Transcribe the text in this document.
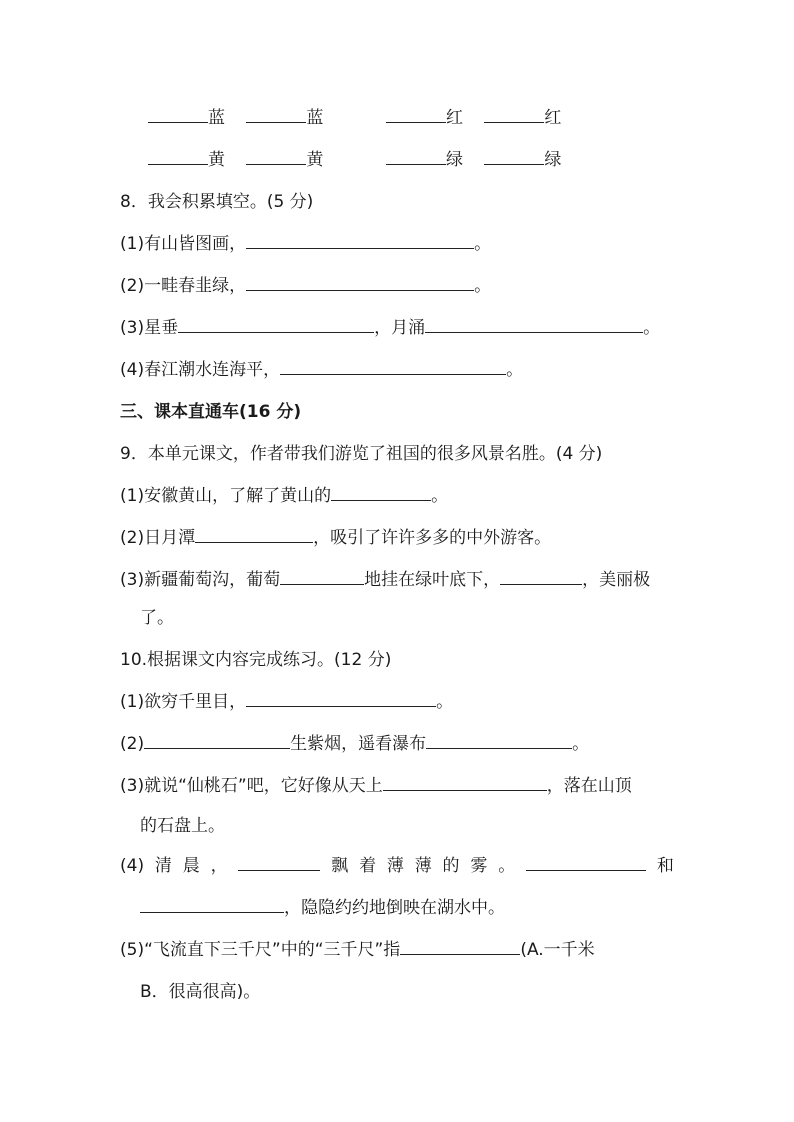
蓝	蓝	红	红
黄	黄	绿	绿
8．我会积累填空。(5 分)
(1)有山皆图画，	。
(2)一畦春韭绿，	。
(3)星垂	，月涌	。
(4)春江潮水连海平，	。
三、课本直通车(16 分)
9．本单元课文，作者带我们游览了祖国的很多风景名胜。(4 分)
(1)安徽黄山，了解了黄山的	。
(2)日月潭	，吸引了许许多多的中外游客。
(3)新疆葡萄沟，葡萄	地挂在绿叶底下，	，美丽极
了。
10.根据课文内容完成练习。(12 分)
(1)欲穷千里目，	。
(2)	生紫烟，遥看瀑布	。
(3)就说“仙桃石”吧，它好像从天上	，落在山顶
的石盘上。
(4) 清 晨 ，	飘 着 薄 薄 的 雾 。	和
，隐隐约约地倒映在湖水中。
(5)“飞流直下三千尺”中的“三千尺”指	(A.一千米
B．很高很高)。
